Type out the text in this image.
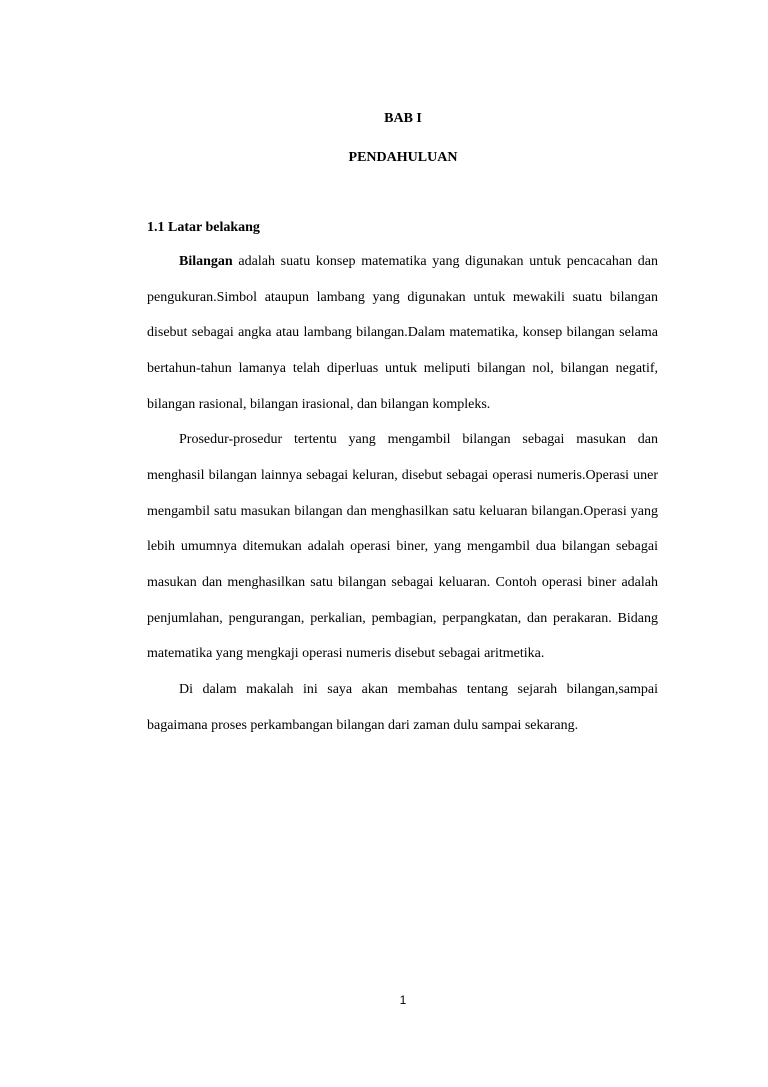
BAB I
PENDAHULUAN
1.1 Latar belakang

Bilangan adalah suatu konsep matematika yang digunakan untuk pencacahan dan pengukuran.Simbol ataupun lambang yang digunakan untuk mewakili suatu bilangan disebut sebagai angka atau lambang bilangan.Dalam matematika, konsep bilangan selama bertahun-tahun lamanya telah diperluas untuk meliputi bilangan nol, bilangan negatif, bilangan rasional, bilangan irasional, dan bilangan kompleks.

Prosedur-prosedur tertentu yang mengambil bilangan sebagai masukan dan menghasil bilangan lainnya sebagai keluran, disebut sebagai operasi numeris.Operasi uner mengambil satu masukan bilangan dan menghasilkan satu keluaran bilangan.Operasi yang lebih umumnya ditemukan adalah operasi biner, yang mengambil dua bilangan sebagai masukan dan menghasilkan satu bilangan sebagai keluaran. Contoh operasi biner adalah penjumlahan, pengurangan, perkalian, pembagian, perpangkatan, dan perakaran. Bidang matematika yang mengkaji operasi numeris disebut sebagai aritmetika.

Di dalam makalah ini saya akan membahas tentang sejarah bilangan,sampai bagaimana proses perkambangan bilangan dari zaman dulu sampai sekarang.

1
